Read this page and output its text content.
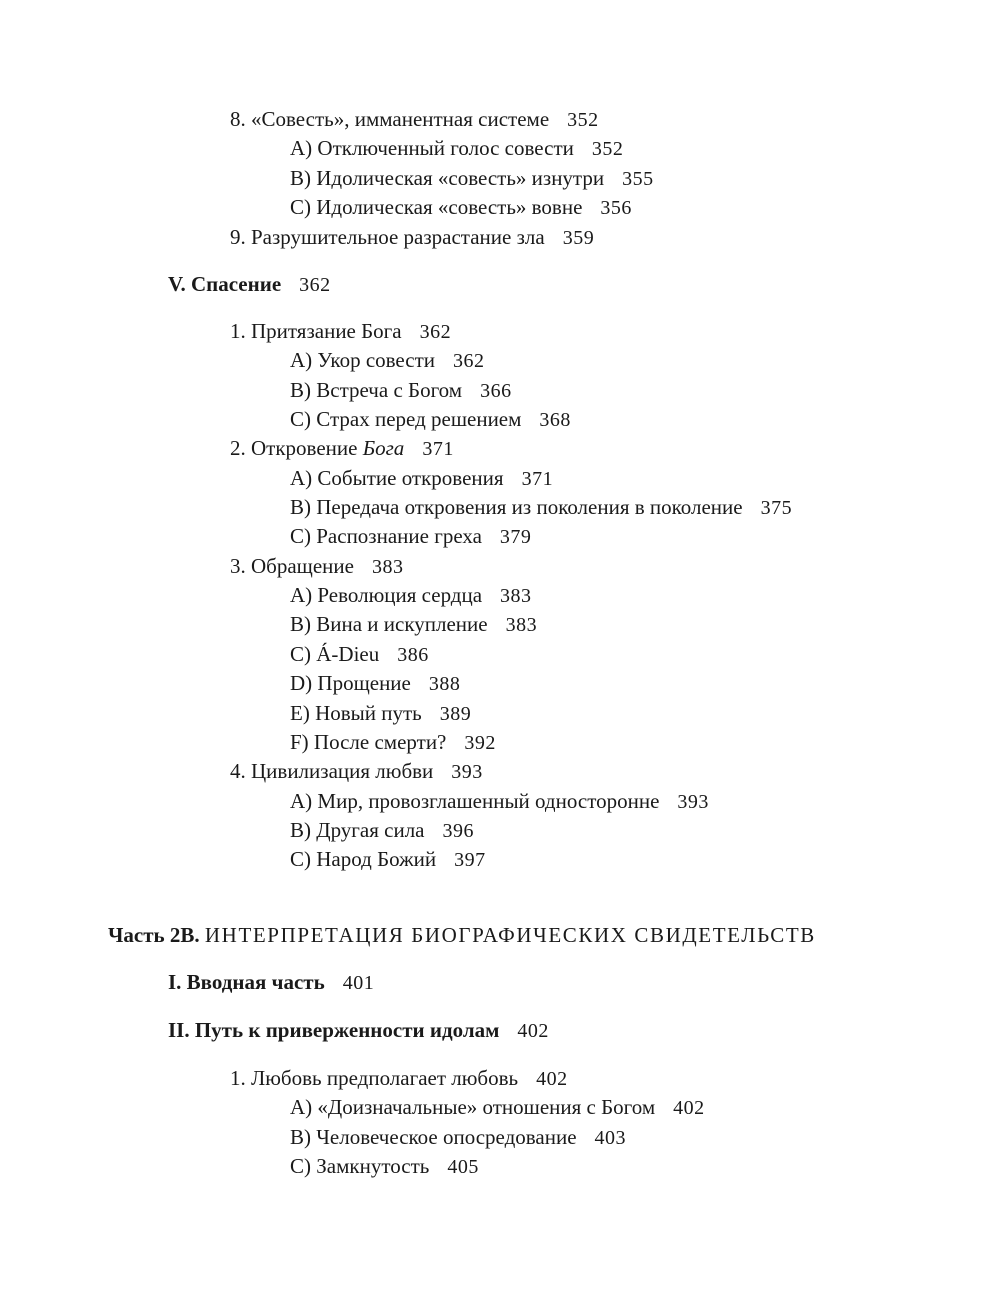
8. «Совесть», имманентная системе 352
A) Отключенный голос совести 352
B) Идолическая «совесть» изнутри 355
C) Идолическая «совесть» вовне 356
9. Разрушительное разрастание зла 359
V. Спасение 362
1. Притязание Бога 362
A) Укор совести 362
B) Встреча с Богом 366
C) Страх перед решением 368
2. Откровение Бога 371
A) Событие откровения 371
B) Передача откровения из поколения в поколение 375
C) Распознание греха 379
3. Обращение 383
A) Революция сердца 383
B) Вина и искупление 383
C) Á-Dieu 386
D) Прощение 388
E) Новый путь 389
F) После смерти? 392
4. Цивилизация любви 393
A) Мир, провозглашенный односторонне 393
B) Другая сила 396
C) Народ Божий 397
Часть 2B. ИНТЕРПРЕТАЦИЯ БИОГРАФИЧЕСКИХ СВИДЕТЕЛЬСТВ
I. Вводная часть 401
II. Путь к приверженности идолам 402
1. Любовь предполагает любовь 402
A) «Доизначальные» отношения с Богом 402
B) Человеческое опосредование 403
C) Замкнутость 405
